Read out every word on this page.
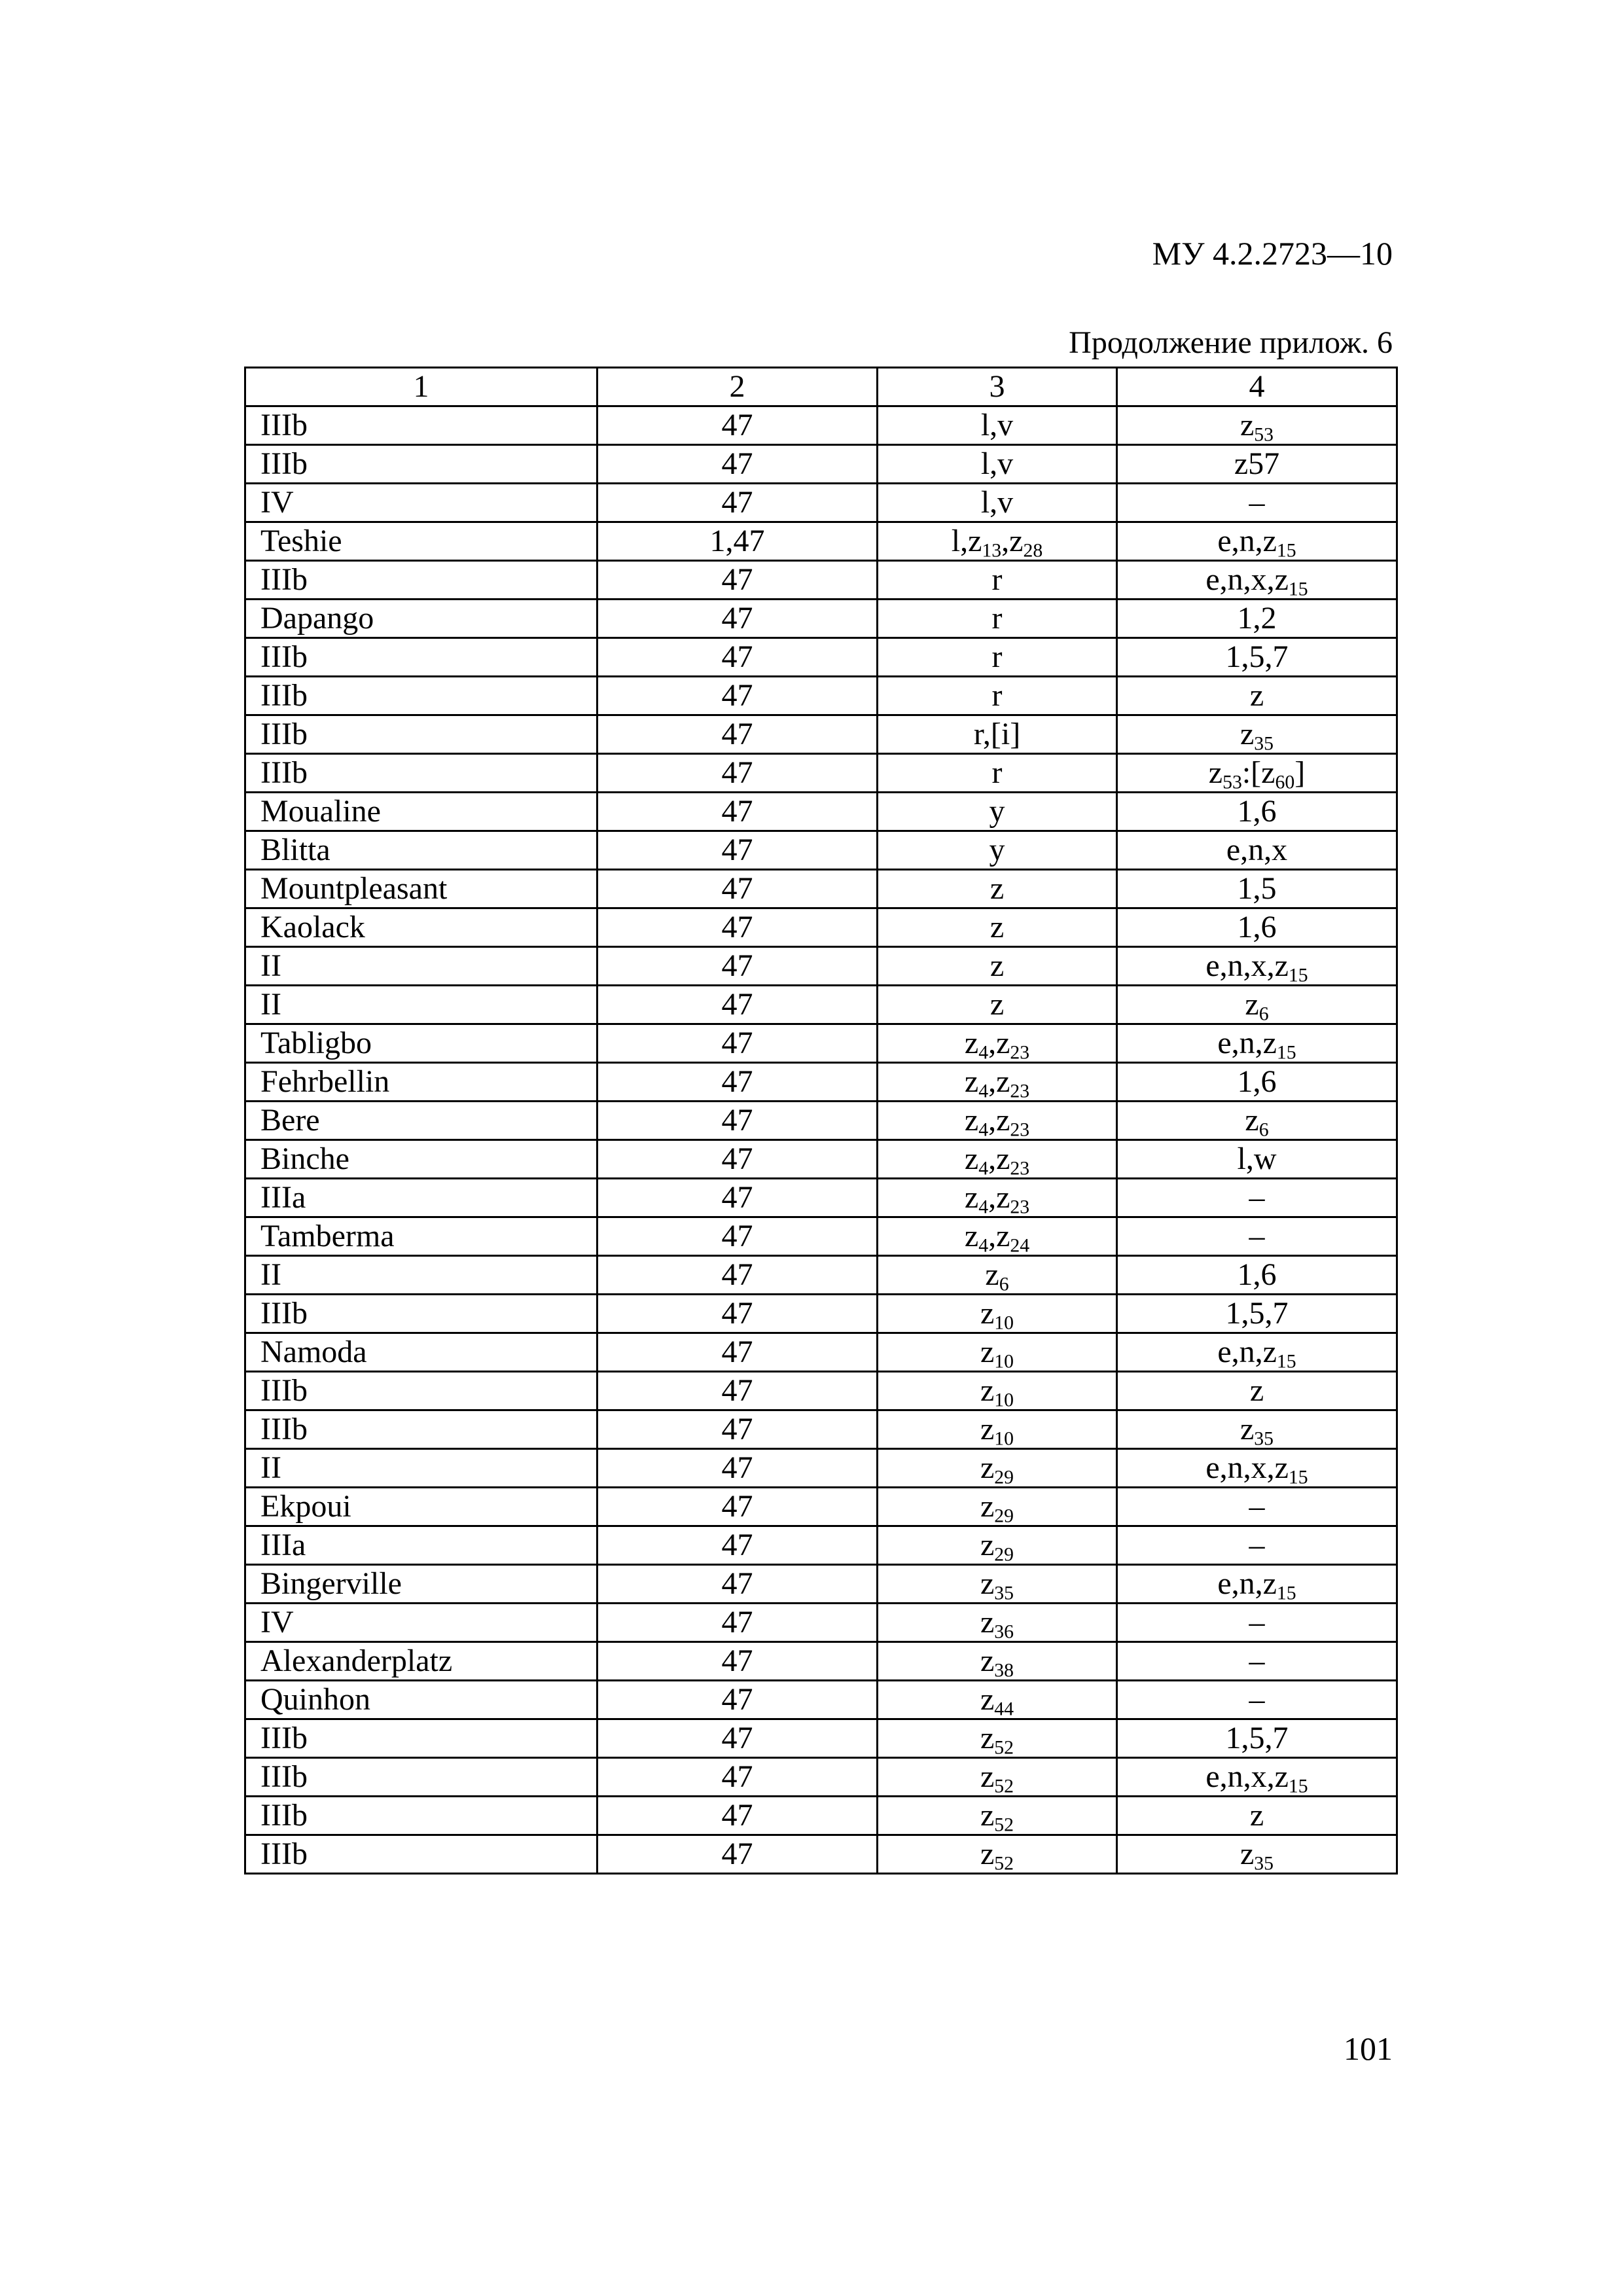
МУ 4.2.2723—10
Продолжение прилож. 6
1	2	3	4
IIIb	47	l,v	$z_{53}$
IIIb	47	l,v	z57
IV	47	l,v	–
Teshie	1,47	$l,z_{13},z_{28}$	$e,n,z_{15}$
IIIb	47	r	$e,n,x,z_{15}$
Dapango	47	r	1,2
IIIb	47	r	1,5,7
IIIb	47	r	z
IIIb	47	r,[i]	$z_{35}$
IIIb	47	r	$z_{53}:[z_{60}]$
Moualine	47	y	1,6
Blitta	47	y	e,n,x
Mountpleasant	47	z	1,5
Kaolack	47	z	1,6
II	47	z	$e,n,x,z_{15}$
II	47	z	$z_6$
Tabligbo	47	$z_4,z_{23}$	$e,n,z_{15}$
Fehrbellin	47	$z_4,z_{23}$	1,6
Bere	47	$z_4,z_{23}$	$z_6$
Binche	47	$z_4,z_{23}$	l,w
IIIa	47	$z_4,z_{23}$	–
Tamberma	47	$z_4,z_{24}$	–
II	47	$z_6$	1,6
IIIb	47	$z_{10}$	1,5,7
Namoda	47	$z_{10}$	$e,n,z_{15}$
IIIb	47	$z_{10}$	z
IIIb	47	$z_{10}$	$z_{35}$
II	47	$z_{29}$	$e,n,x,z_{15}$
Ekpoui	47	$z_{29}$	–
IIIa	47	$z_{29}$	–
Bingerville	47	$z_{35}$	$e,n,z_{15}$
IV	47	$z_{36}$	–
Alexanderplatz	47	$z_{38}$	–
Quinhon	47	$z_{44}$	–
IIIb	47	$z_{52}$	1,5,7
IIIb	47	$z_{52}$	$e,n,x,z_{15}$
IIIb	47	$z_{52}$	z
IIIb	47	$z_{52}$	$z_{35}$
101
